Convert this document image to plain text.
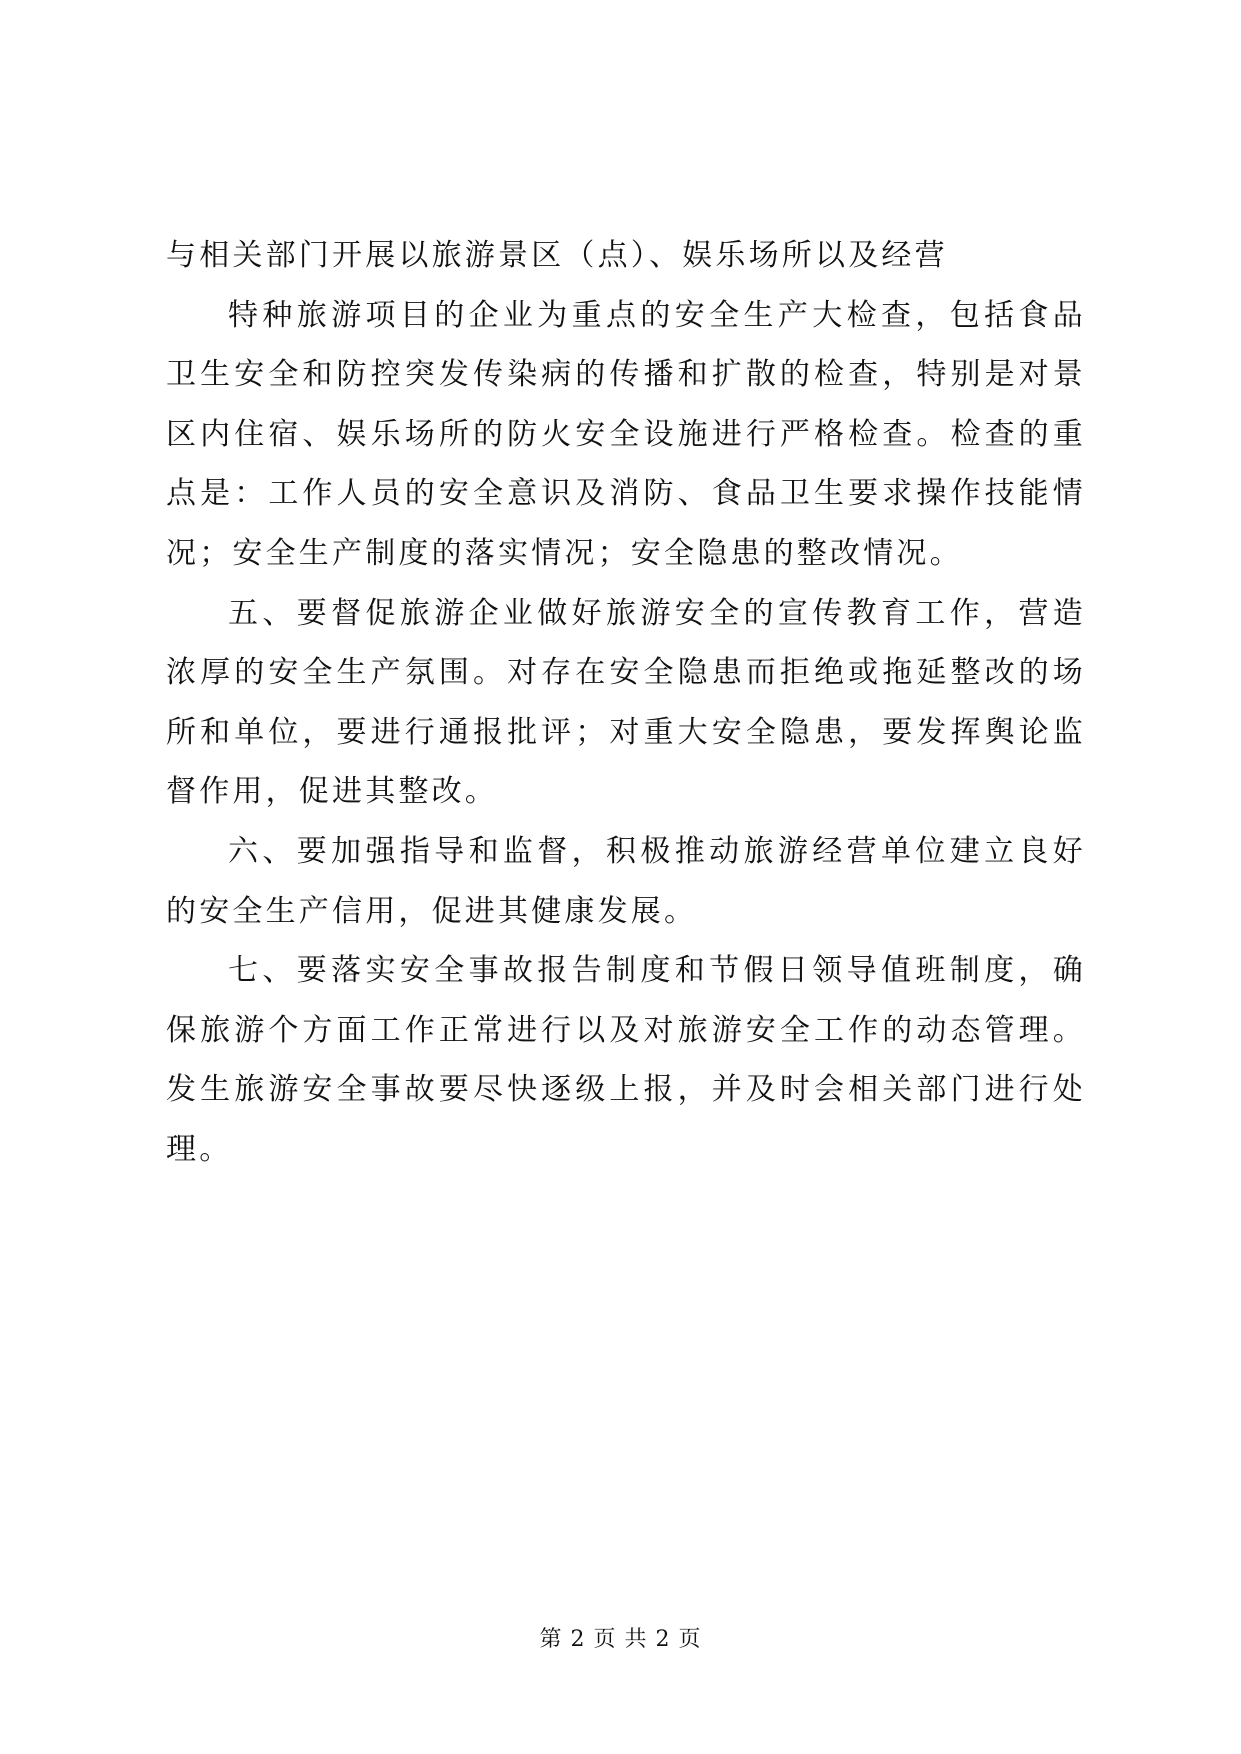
与相关部门开展以旅游景区（点）、娱乐场所以及经营

特种旅游项目的企业为重点的安全生产大检查，包括食品卫生安全和防控突发传染病的传播和扩散的检查，特别是对景区内住宿、娱乐场所的防火安全设施进行严格检查。检查的重点是：工作人员的安全意识及消防、食品卫生要求操作技能情况；安全生产制度的落实情况；安全隐患的整改情况。

五、要督促旅游企业做好旅游安全的宣传教育工作，营造浓厚的安全生产氛围。对存在安全隐患而拒绝或拖延整改的场所和单位，要进行通报批评；对重大安全隐患，要发挥舆论监督作用，促进其整改。

六、要加强指导和监督，积极推动旅游经营单位建立良好的安全生产信用，促进其健康发展。

七、要落实安全事故报告制度和节假日领导值班制度，确保旅游个方面工作正常进行以及对旅游安全工作的动态管理。发生旅游安全事故要尽快逐级上报，并及时会相关部门进行处理。

第 2 页 共 2 页
